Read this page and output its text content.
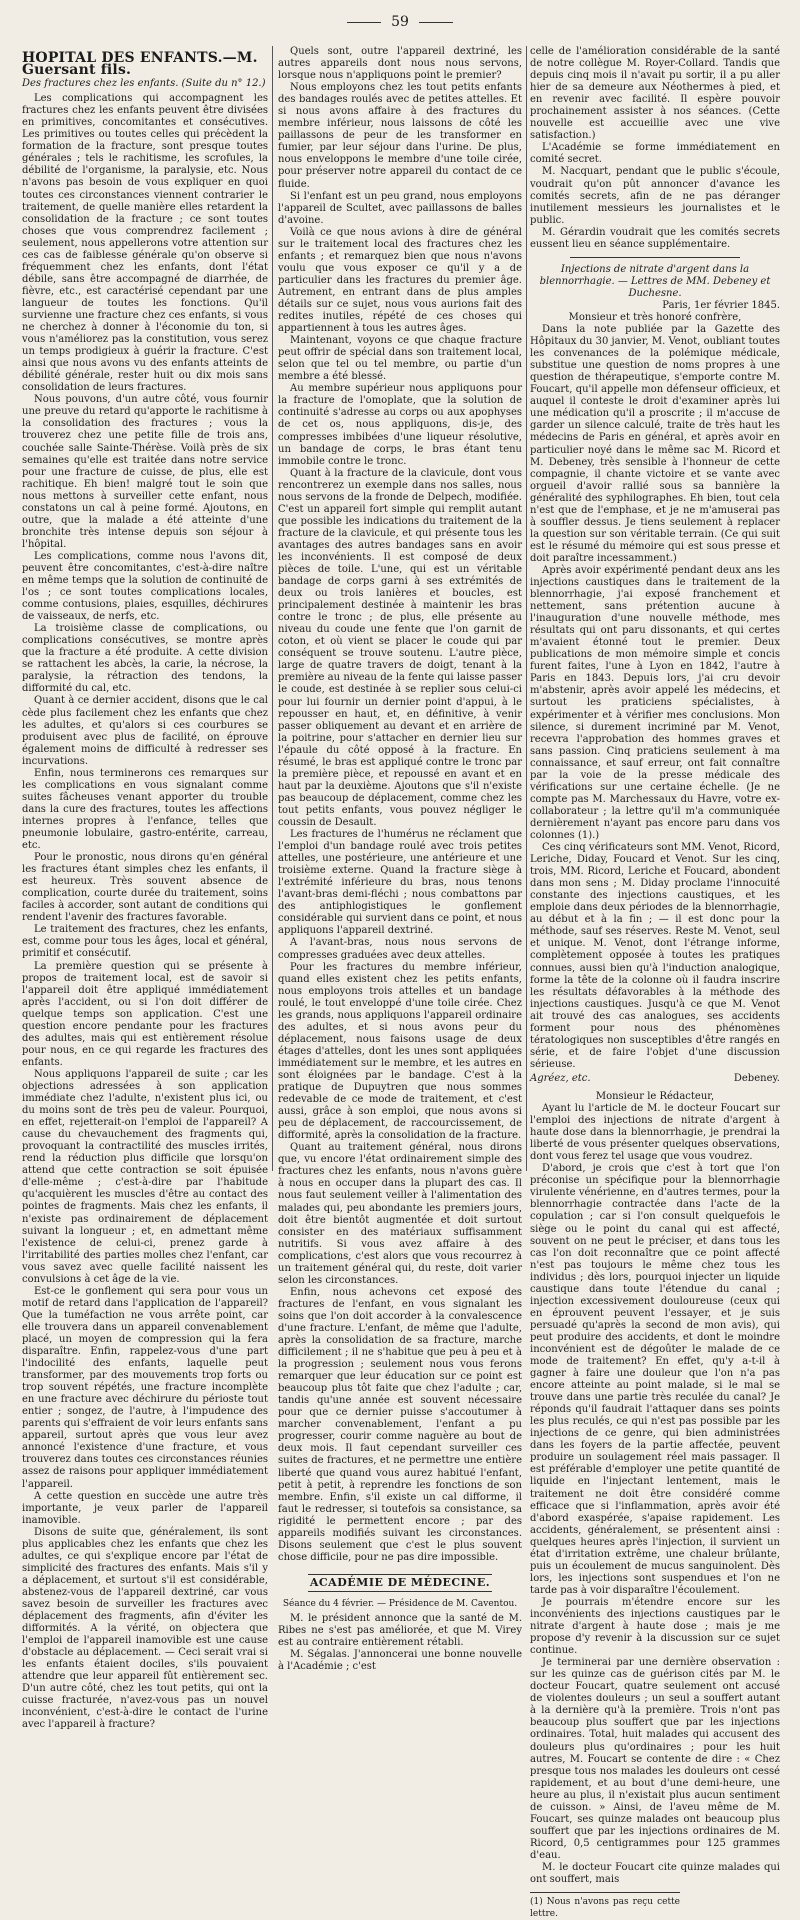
59
HOPITAL DES ENFANTS.—M. Guersant fils.

Des fractures chez les enfants. (Suite du n° 12.)

Les complications qui accompagnent les fractures chez les enfants peuvent être divisées en primitives, concomitantes et consécutives. Les primitives ou toutes celles qui précèdent la formation de la fracture, sont presque toutes générales ; tels le rachitisme, les scrofules, la débilité de l'organisme, la paralysie, etc. Nous n'avons pas besoin de vous expliquer en quoi toutes ces circonstances viennent contrarier le traitement, de quelle manière elles retardent la consolidation de la fracture ; ce sont toutes choses que vous comprendrez facilement ; seulement, nous appellerons votre attention sur ces cas de faiblesse générale qu'on observe si fréquemment chez les enfants, dont l'état débile, sans être accompagné de diarrhée, de fièvre, etc., est caractérisé cependant par une langueur de toutes les fonctions. Qu'il survienne une fracture chez ces enfants, si vous ne cherchez à donner à l'économie du ton, si vous n'améliorez pas la constitution, vous serez un temps prodigieux à guérir la fracture. C'est ainsi que nous avons vu des enfants atteints de débilité générale, rester huit ou dix mois sans consolidation de leurs fractures.

Nous pouvons, d'un autre côté, vous fournir une preuve du retard qu'apporte le rachitisme à la consolidation des fractures ; vous la trouverez chez une petite fille de trois ans, couchée salle Sainte-Thérèse. Voilà près de six semaines qu'elle est traitée dans notre service pour une fracture de cuisse, de plus, elle est rachitique. Eh bien! malgré tout le soin que nous mettons à surveiller cette enfant, nous constatons un cal à peine formé. Ajoutons, en outre, que la malade a été atteinte d'une bronchite très intense depuis son séjour à l'hôpital.

Les complications, comme nous l'avons dit, peuvent être concomitantes, c'est-à-dire naître en même temps que la solution de continuité de l'os ; ce sont toutes complications locales, comme contusions, plaies, esquilles, déchirures de vaisseaux, de nerfs, etc.

La troisième classe de complications, ou complications consécutives, se montre après que la fracture a été produite. A cette division se rattachent les abcès, la carie, la nécrose, la paralysie, la rétraction des tendons, la difformité du cal, etc.

Quant à ce dernier accident, disons que le cal cède plus facilement chez les enfants que chez les adultes, et qu'alors si ces courbures se produisent avec plus de facilité, on éprouve également moins de difficulté à redresser ses incurvations.

Enfin, nous terminerons ces remarques sur les complications en vous signalant comme suites fâcheuses venant apporter du trouble dans la cure des fractures, toutes les affections internes propres à l'enfance, telles que pneumonie lobulaire, gastro-entérite, carreau, etc.

Pour le pronostic, nous dirons qu'en général les fractures étant simples chez les enfants, il est heureux. Très souvent absence de complication, courte durée du traitement, soins faciles à accorder, sont autant de conditions qui rendent l'avenir des fractures favorable.

Le traitement des fractures, chez les enfants, est, comme pour tous les âges, local et général, primitif et consécutif.

La première question qui se présente à propos de traitement local, est de savoir si l'appareil doit être appliqué immédiatement après l'accident, ou si l'on doit différer de quelque temps son application. C'est une question encore pendante pour les fractures des adultes, mais qui est entièrement résolue pour nous, en ce qui regarde les fractures des enfants.

Nous appliquons l'appareil de suite ; car les objections adressées à son application immédiate chez l'adulte, n'existent plus ici, ou du moins sont de très peu de valeur. Pourquoi, en effet, rejetterait-on l'emploi de l'appareil? A cause du chevauchement des fragments qui, provoquant la contractilité des muscles irrités, rend la réduction plus difficile que lorsqu'on attend que cette contraction se soit épuisée d'elle-même ; c'est-à-dire par l'habitude qu'acquièrent les muscles d'être au contact des pointes de fragments. Mais chez les enfants, il n'existe pas ordinairement de déplacement suivant la longueur ; et, en admettant même l'existence de celui-ci, prenez garde à l'irritabilité des parties molles chez l'enfant, car vous savez avec quelle facilité naissent les convulsions à cet âge de la vie.

Est-ce le gonflement qui sera pour vous un motif de retard dans l'application de l'appareil? Que la tuméfaction ne vous arrête point, car elle trouvera dans un appareil convenablement placé, un moyen de compression qui la fera disparaître. Enfin, rappelez-vous d'une part l'indocilité des enfants, laquelle peut transformer, par des mouvements trop forts ou trop souvent répétés, une fracture incomplète en une fracture avec déchirure du périoste tout entier ; songez, de l'autre, à l'impudence des parents qui s'effraient de voir leurs enfants sans appareil, surtout après que vous leur avez annoncé l'existence d'une fracture, et vous trouverez dans toutes ces circonstances réunies assez de raisons pour appliquer immédiatement l'appareil.

A cette question en succède une autre très importante, je veux parler de l'appareil inamovible.

Disons de suite que, généralement, ils sont plus applicables chez les enfants que chez les adultes, ce qui s'explique encore par l'état de simplicité des fractures des enfants. Mais s'il y a déplacement, et surtout s'il est considérable, abstenez-vous de l'appareil dextriné, car vous savez besoin de surveiller les fractures avec déplacement des fragments, afin d'éviter les difformités. A la vérité, on objectera que l'emploi de l'appareil inamovible est une cause d'obstacle au déplacement. — Ceci serait vrai si les enfants étaient dociles, s'ils pouvaient attendre que leur appareil fût entièrement sec. D'un autre côté, chez les tout petits, qui ont la cuisse fracturée, n'avez-vous pas un nouvel inconvénient, c'est-à-dire le contact de l'urine avec l'appareil à fracture?

Quels sont, outre l'appareil dextriné, les autres appareils dont nous nous servons, lorsque nous n'appliquons point le premier?

Nous employons chez les tout petits enfants des bandages roulés avec de petites attelles. Et si nous avons affaire à des fractures du membre inférieur, nous laissons de côté les paillassons de peur de les transformer en fumier, par leur séjour dans l'urine. De plus, nous enveloppons le membre d'une toile cirée, pour préserver notre appareil du contact de ce fluide.

Si l'enfant est un peu grand, nous employons l'appareil de Scultet, avec paillassons de balles d'avoine.

Voilà ce que nous avions à dire de général sur le traitement local des fractures chez les enfants ; et remarquez bien que nous n'avons voulu que vous exposer ce qu'il y a de particulier dans les fractures du premier âge. Autrement, en entrant dans de plus amples détails sur ce sujet, nous vous aurions fait des redites inutiles, répété de ces choses qui appartiennent à tous les autres âges.

Maintenant, voyons ce que chaque fracture peut offrir de spécial dans son traitement local, selon que tel ou tel membre, ou partie d'un membre a été blessé.

Au membre supérieur nous appliquons pour la fracture de l'omoplate, que la solution de continuité s'adresse au corps ou aux apophyses de cet os, nous appliquons, dis-je, des compresses imbibées d'une liqueur résolutive, un bandage de corps, le bras étant tenu immobile contre le tronc.

Quant à la fracture de la clavicule, dont vous rencontrerez un exemple dans nos salles, nous nous servons de la fronde de Delpech, modifiée. C'est un appareil fort simple qui remplit autant que possible les indications du traitement de la fracture de la clavicule, et qui présente tous les avantages des autres bandages sans en avoir les inconvénients. Il est composé de deux pièces de toile. L'une, qui est un véritable bandage de corps garni à ses extrémités de deux ou trois lanières et boucles, est principalement destinée à maintenir les bras contre le tronc ; de plus, elle présente au niveau du coude une fente que l'on garnit de coton, et où vient se placer le coude qui par conséquent se trouve soutenu. L'autre pièce, large de quatre travers de doigt, tenant à la première au niveau de la fente qui laisse passer le coude, est destinée à se replier sous celui-ci pour lui fournir un dernier point d'appui, à le repousser en haut, et, en définitive, à venir passer obliquement au devant et en arrière de la poitrine, pour s'attacher en dernier lieu sur l'épaule du côté opposé à la fracture. En résumé, le bras est appliqué contre le tronc par la première pièce, et repoussé en avant et en haut par la deuxième. Ajoutons que s'il n'existe pas beaucoup de déplacement, comme chez les tout petits enfants, vous pouvez négliger le coussin de Desault.

Les fractures de l'humérus ne réclament que l'emploi d'un bandage roulé avec trois petites attelles, une postérieure, une antérieure et une troisième externe. Quand la fracture siège à l'extrémité inférieure du bras, nous tenons l'avant-bras demi-fléchi ; nous combattons par des antiphlogistiques le gonflement considérable qui survient dans ce point, et nous appliquons l'appareil dextriné.

A l'avant-bras, nous nous servons de compresses graduées avec deux attelles.

Pour les fractures du membre inférieur, quand elles existent chez les petits enfants, nous employons trois attelles et un bandage roulé, le tout enveloppé d'une toile cirée. Chez les grands, nous appliquons l'appareil ordinaire des adultes, et si nous avons peur du déplacement, nous faisons usage de deux étages d'attelles, dont les unes sont appliquées immédiatement sur le membre, et les autres en sont éloignées par le bandage. C'est à la pratique de Dupuytren que nous sommes redevable de ce mode de traitement, et c'est aussi, grâce à son emploi, que nous avons si peu de déplacement, de raccourcissement, de difformité, après la consolidation de la fracture.

Quant au traitement général, nous dirons que, vu encore l'état ordinairement simple des fractures chez les enfants, nous n'avons guère à nous en occuper dans la plupart des cas. Il nous faut seulement veiller à l'alimentation des malades qui, peu abondante les premiers jours, doit être bientôt augmentée et doit surtout consister en des matériaux suffisamment nutritifs. Si vous avez affaire à des complications, c'est alors que vous recourrez à un traitement général qui, du reste, doit varier selon les circonstances.

Enfin, nous achevons cet exposé des fractures de l'enfant, en vous signalant les soins que l'on doit accorder à la convalescence d'une fracture. L'enfant, de même que l'adulte, après la consolidation de sa fracture, marche difficilement ; il ne s'habitue que peu à peu et à la progression ; seulement nous vous ferons remarquer que leur éducation sur ce point est beaucoup plus tôt faite que chez l'adulte ; car, tandis qu'une année est souvent nécessaire pour que ce dernier puisse s'accoutumer à marcher convenablement, l'enfant a pu progresser, courir comme naguère au bout de deux mois. Il faut cependant surveiller ces suites de fractures, et ne permettre une entière liberté que quand vous aurez habitué l'enfant, petit à petit, à reprendre les fonctions de son membre. Enfin, s'il existe un cal difforme, il faut le redresser, si toutefois sa consistance, sa rigidité le permettent encore ; par des appareils modifiés suivant les circonstances. Disons seulement que c'est le plus souvent chose difficile, pour ne pas dire impossible.

ACADÉMIE DE MÉDECINE.

Séance du 4 février. — Présidence de M. Caventou.

M. le président annonce que la santé de M. Ribes ne s'est pas améliorée, et que M. Virey est au contraire entièrement rétabli.

M. Ségalas. J'annoncerai une bonne nouvelle à l'Académie ; c'est

celle de l'amélioration considérable de la santé de notre collègue M. Royer-Collard. Tandis que depuis cinq mois il n'avait pu sortir, il a pu aller hier de sa demeure aux Néothermes à pied, et en revenir avec facilité. Il espère pouvoir prochainement assister à nos séances. (Cette nouvelle est accueillie avec une vive satisfaction.)

L'Académie se forme immédiatement en comité secret.

M. Nacquart, pendant que le public s'écoule, voudrait qu'on pût annoncer d'avance les comités secrets, afin de ne pas déranger inutilement messieurs les journalistes et le public.

M. Gérardin voudrait que les comités secrets eussent lieu en séance supplémentaire.

Injections de nitrate d'argent dans la blennorrhagie. — Lettres de MM. Debeney et Duchesne.

Paris, 1er février 1845.

Monsieur et très honoré confrère,

Dans la note publiée par la Gazette des Hôpitaux du 30 janvier, M. Venot, oubliant toutes les convenances de la polémique médicale, substitue une question de noms propres à une question de thérapeutique, s'emporte contre M. Foucart, qu'il appelle mon défenseur officieux, et auquel il conteste le droit d'examiner après lui une médication qu'il a proscrite ; il m'accuse de garder un silence calculé, traite de très haut les médecins de Paris en général, et après avoir en particulier noyé dans le même sac M. Ricord et M. Debeney, très sensible à l'honneur de cette compagnie, il chante victoire et se vante avec orgueil d'avoir rallié sous sa bannière la généralité des syphilographes. Eh bien, tout cela n'est que de l'emphase, et je ne m'amuserai pas à souffler dessus. Je tiens seulement à replacer la question sur son véritable terrain. (Ce qui suit est le résumé du mémoire qui est sous presse et doit paraître incessamment.)

Après avoir expérimenté pendant deux ans les injections caustiques dans le traitement de la blennorrhagie, j'ai exposé franchement et nettement, sans prétention aucune à l'inauguration d'une nouvelle méthode, mes résultats qui ont paru dissonants, et qui certes m'avaient étonné tout le premier. Deux publications de mon mémoire simple et concis furent faites, l'une à Lyon en 1842, l'autre à Paris en 1843. Depuis lors, j'ai cru devoir m'abstenir, après avoir appelé les médecins, et surtout les praticiens spécialistes, à expérimenter et à vérifier mes conclusions. Mon silence, si durement incriminé par M. Venot, recevra l'approbation des hommes graves et sans passion. Cinq praticiens seulement à ma connaissance, et sauf erreur, ont fait connaître par la voie de la presse médicale des vérifications sur une certaine échelle. (Je ne compte pas M. Marchessaux du Havre, votre ex-collaborateur ; la lettre qu'il m'a communiquée dernièrement n'ayant pas encore paru dans vos colonnes (1).)

Ces cinq vérificateurs sont MM. Venot, Ricord, Leriche, Diday, Foucard et Venot. Sur les cinq, trois, MM. Ricord, Leriche et Foucard, abondent dans mon sens ; M. Diday proclame l'innocuité constante des injections caustiques, et les emploie dans deux périodes de la blennorrhagie, au début et à la fin ; — il est donc pour la méthode, sauf ses réserves. Reste M. Venot, seul et unique. M. Venot, dont l'étrange informe, complètement opposée à toutes les pratiques connues, aussi bien qu'à l'induction analogique, forme la tête de la colonne où il faudra inscrire les résultats défavorables à la méthode des injections caustiques. Jusqu'à ce que M. Venot ait trouvé des cas analogues, ses accidents forment pour nous des phénomènes tératologiques non susceptibles d'être rangés en série, et de faire l'objet d'une discussion sérieuse.

Agréez, etc.	Debeney.

Monsieur le Rédacteur,

Ayant lu l'article de M. le docteur Foucart sur l'emploi des injections de nitrate d'argent à haute dose dans la blennorrhagie, je prendrai la liberté de vous présenter quelques observations, dont vous ferez tel usage que vous voudrez.

D'abord, je crois que c'est à tort que l'on préconise un spécifique pour la blennorrhagie virulente vénérienne, en d'autres termes, pour la blennorrhagie contractée dans l'acte de la copulation ; car si l'on consult quelquefois le siège ou le point du canal qui est affecté, souvent on ne peut le préciser, et dans tous les cas l'on doit reconnaître que ce point affecté n'est pas toujours le même chez tous les individus ; dès lors, pourquoi injecter un liquide caustique dans toute l'étendue du canal ; injection excessivement douloureuse (ceux qui en éprouvent peuvent l'essayer, et je suis persuadé qu'après la second de mon avis), qui peut produire des accidents, et dont le moindre inconvénient est de dégoûter le malade de ce mode de traitement? En effet, qu'y a-t-il à gagner à faire une douleur que l'on n'a pas encore atteinte au point malade, si le mal se trouve dans une partie très reculée du canal? Je réponds qu'il faudrait l'attaquer dans ses points les plus reculés, ce qui n'est pas possible par les injections de ce genre, qui bien administrées dans les foyers de la partie affectée, peuvent produire un soulagement réel mais passager. Il est préférable d'employer une petite quantité de liquide en l'injectant lentement, mais le traitement ne doit être considéré comme efficace que si l'inflammation, après avoir été d'abord exaspérée, s'apaise rapidement. Les accidents, généralement, se présentent ainsi : quelques heures après l'injection, il survient un état d'irritation extrême, une chaleur brûlante, puis un écoulement de mucus sanguinolent. Dès lors, les injections sont suspendues et l'on ne tarde pas à voir disparaître l'écoulement.

Je pourrais m'étendre encore sur les inconvénients des injections caustiques par le nitrate d'argent à haute dose ; mais je me propose d'y revenir à la discussion sur ce sujet continue.

Je terminerai par une dernière observation : sur les quinze cas de guérison cités par M. le docteur Foucart, quatre seulement ont accusé de violentes douleurs ; un seul a souffert autant à la dernière qu'à la première. Trois n'ont pas beaucoup plus souffert que par les injections ordinaires. Total, huit malades qui accusent des douleurs plus qu'ordinaires ; pour les huit autres, M. Foucart se contente de dire : « Chez presque tous nos malades les douleurs ont cessé rapidement, et au bout d'une demi-heure, une heure au plus, il n'existait plus aucun sentiment de cuisson. » Ainsi, de l'aveu même de M. Foucart, ses quinze malades ont beaucoup plus souffert que par les injections ordinaires de M. Ricord, 0,5 centigrammes pour 125 grammes d'eau.

M. le docteur Foucart cite quinze malades qui ont souffert, mais

(1) Nous n'avons pas reçu cette lettre.
